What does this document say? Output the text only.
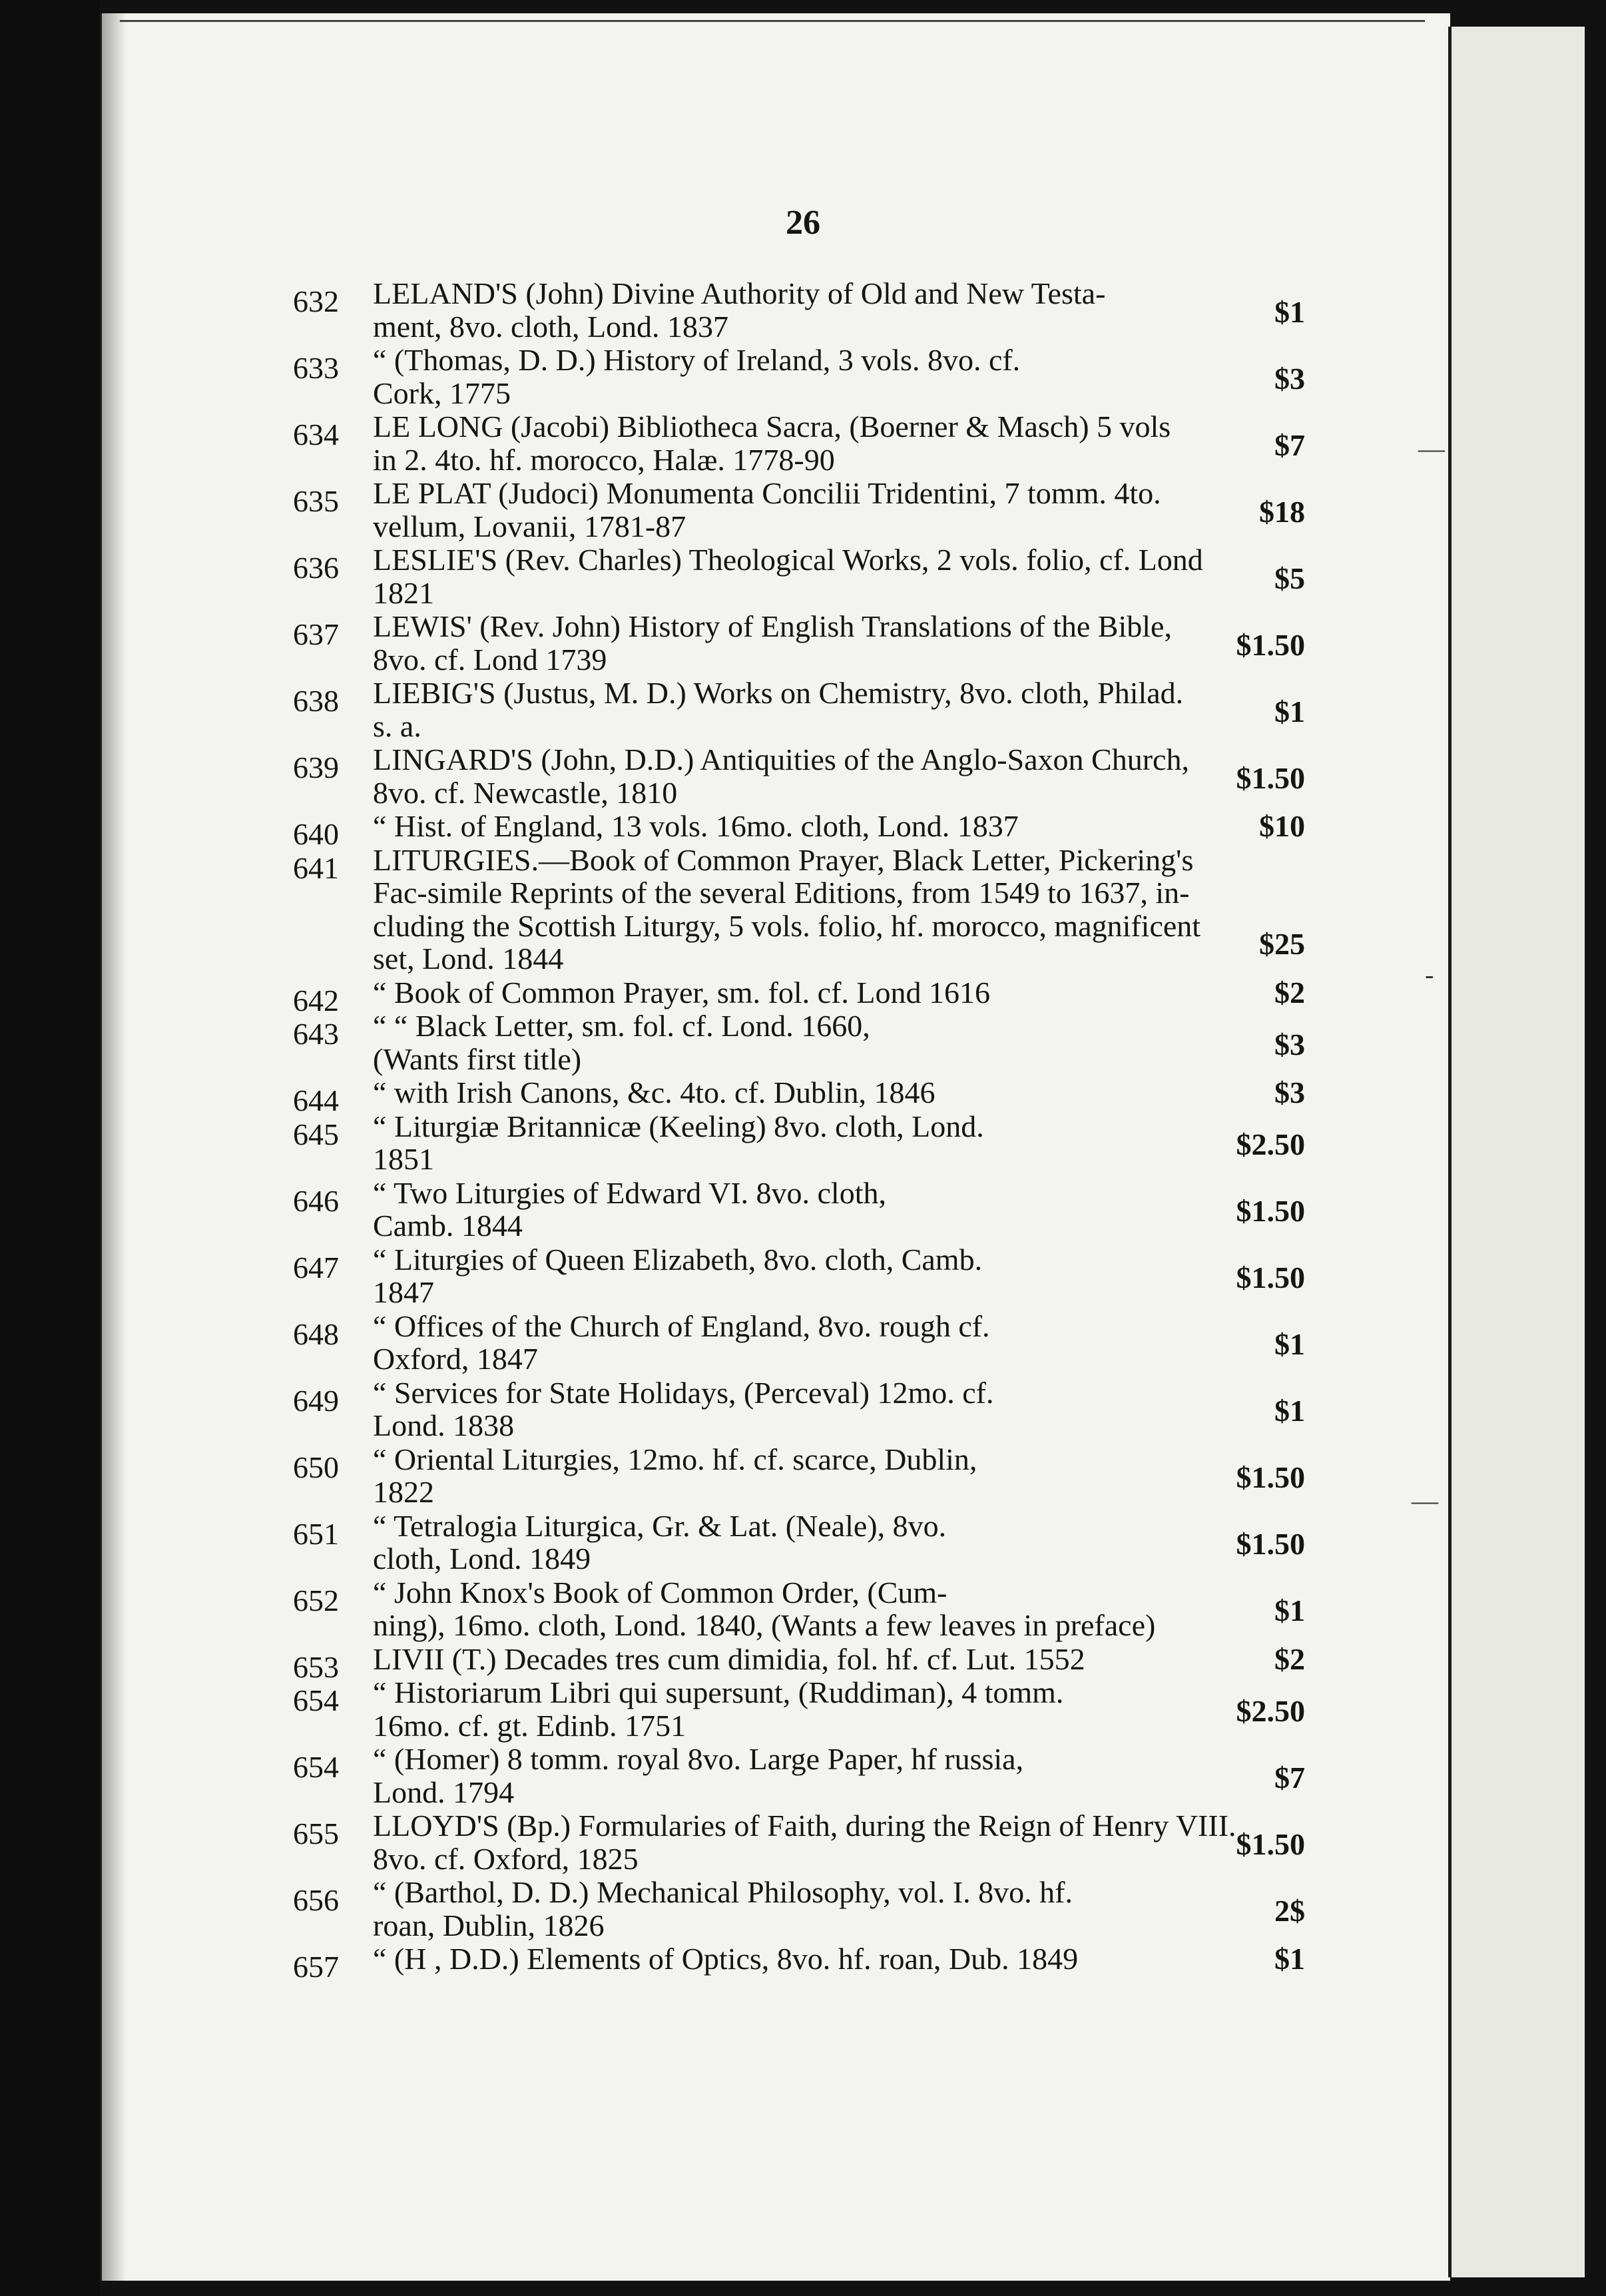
—
-
—
26
632	LELAND'S (John) Divine Authority of Old and New Testa-
ment, 8vo. cloth, Lond. 1837	$1
633	“ (Thomas, D. D.) History of Ireland, 3 vols. 8vo. cf.
Cork, 1775	$3
634	LE LONG (Jacobi) Bibliotheca Sacra, (Boerner & Masch) 5 vols
in 2. 4to. hf. morocco, Halæ. 1778-90	$7
635	LE PLAT (Judoci) Monumenta Concilii Tridentini, 7 tomm. 4to.
vellum, Lovanii, 1781-87	$18
636	LESLIE'S (Rev. Charles) Theological Works, 2 vols. folio, cf. Lond
1821	$5
637	LEWIS' (Rev. John) History of English Translations of the Bible,
8vo. cf. Lond 1739	$1.50
638	LIEBIG'S (Justus, M. D.) Works on Chemistry, 8vo. cloth, Philad.
s. a.	$1
639	LINGARD'S (John, D.D.) Antiquities of the Anglo-Saxon Church,
8vo. cf. Newcastle, 1810	$1.50
640	“ Hist. of England, 13 vols. 16mo. cloth, Lond. 1837	$10
641	LITURGIES.—Book of Common Prayer, Black Letter, Pickering's
Fac-simile Reprints of the several Editions, from 1549 to 1637, in-
cluding the Scottish Liturgy, 5 vols. folio, hf. morocco, magnificent
set, Lond. 1844	$25
642	“ Book of Common Prayer, sm. fol. cf. Lond 1616	$2
643	“ “ Black Letter, sm. fol. cf. Lond. 1660,
(Wants first title)	$3
644	“ with Irish Canons, &c. 4to. cf. Dublin, 1846	$3
645	“ Liturgiæ Britannicæ (Keeling) 8vo. cloth, Lond.
1851	$2.50
646	“ Two Liturgies of Edward VI. 8vo. cloth,
Camb. 1844	$1.50
647	“ Liturgies of Queen Elizabeth, 8vo. cloth, Camb.
1847	$1.50
648	“ Offices of the Church of England, 8vo. rough cf.
Oxford, 1847	$1
649	“ Services for State Holidays, (Perceval) 12mo. cf.
Lond. 1838	$1
650	“ Oriental Liturgies, 12mo. hf. cf. scarce, Dublin,
1822	$1.50
651	“ Tetralogia Liturgica, Gr. & Lat. (Neale), 8vo.
cloth, Lond. 1849	$1.50
652	“ John Knox's Book of Common Order, (Cum-
ning), 16mo. cloth, Lond. 1840, (Wants a few leaves in preface)	$1
653	LIVII (T.) Decades tres cum dimidia, fol. hf. cf. Lut. 1552	$2
654	“ Historiarum Libri qui supersunt, (Ruddiman), 4 tomm.
16mo. cf. gt. Edinb. 1751	$2.50
654	“ (Homer) 8 tomm. royal 8vo. Large Paper, hf russia,
Lond. 1794	$7
655	LLOYD'S (Bp.) Formularies of Faith, during the Reign of Henry VIII.
8vo. cf. Oxford, 1825	$1.50
656	“ (Barthol, D. D.) Mechanical Philosophy, vol. I. 8vo. hf.
roan, Dublin, 1826	2$
657	“ (H , D.D.) Elements of Optics, 8vo. hf. roan, Dub. 1849	$1
